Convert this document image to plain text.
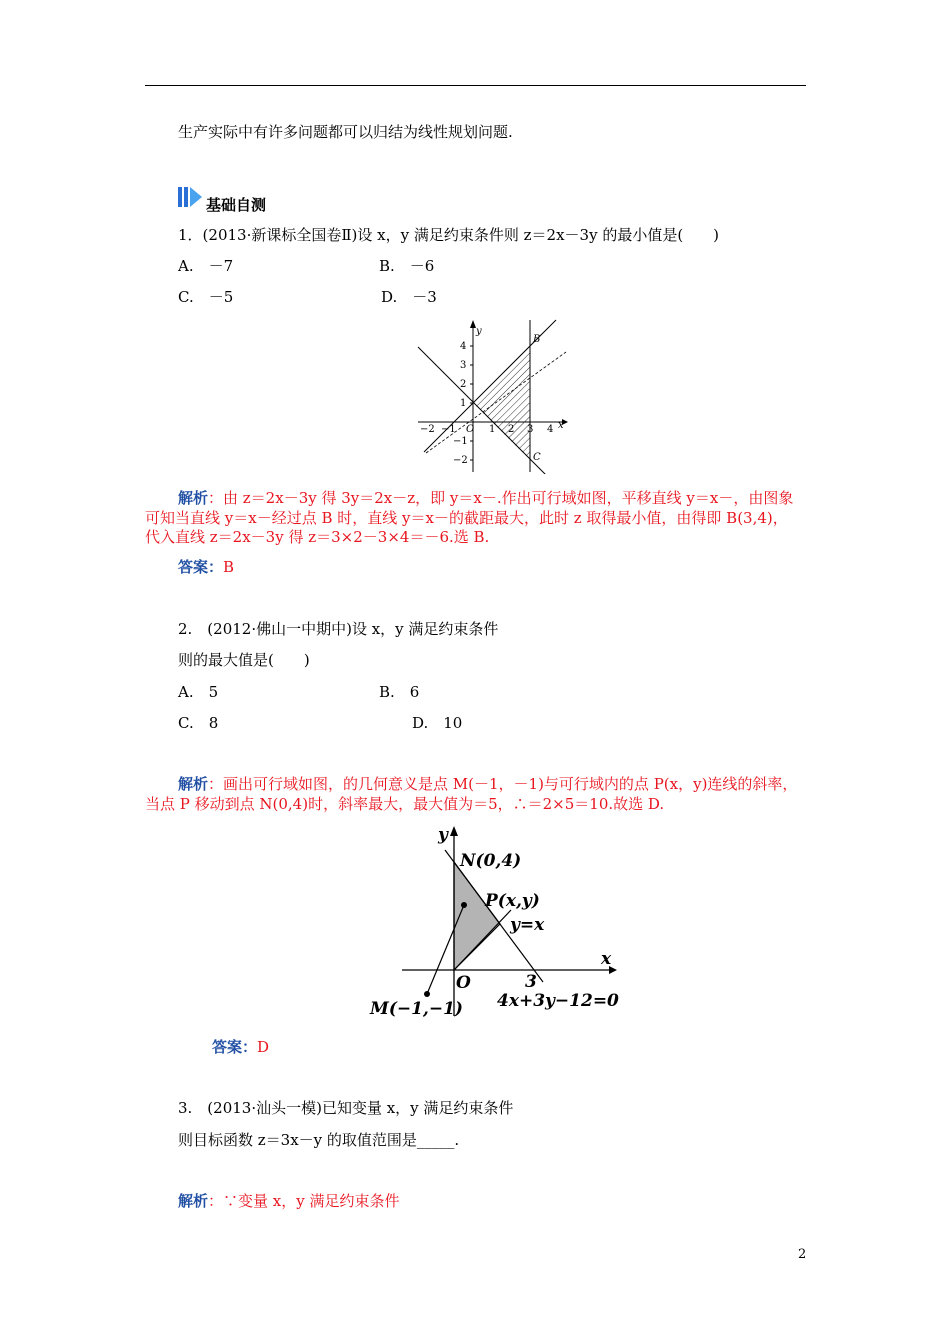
生产实际中有许多问题都可以归结为线性规划问题.
基础自测
1．(2013·新课标全国卷Ⅱ)设 x，y 满足约束条件则 z＝2x－3y 的最小值是(　　)
A.　－7	B.　－6
C.　－5	D.　－3
y
x
O
4
3
2
1
−1
−2
−2 −1	1 2 3 4
B
C
解析：由 z＝2x－3y 得 3y＝2x－z，即 y＝x－.作出可行域如图，平移直线 y＝x－，由图象
可知当直线 y＝x－经过点 B 时，直线 y＝x－的截距最大，此时 z 取得最小值，由得即 B(3,4)，
代入直线 z＝2x－3y 得 z＝3×2－3×4＝－6.选 B.
答案：B
2.　(2012·佛山一中期中)设 x，y 满足约束条件
则的最大值是(　　)
A.　5	B.　6
C.　8	D.　10
解析：画出可行域如图，的几何意义是点 M(－1，－1)与可行域内的点 P(x，y)连线的斜率，
当点 P 移动到点 N(0,4)时，斜率最大，最大值为＝5，∴＝2×5＝10.故选 D.
y
x
O
N(0,4)
P(x,y)
y=x
3
4x+3y−12=0
M(−1,−1)
答案：D
3.　(2013·汕头一模)已知变量 x，y 满足约束条件
则目标函数 z＝3x－y 的取值范围是_____.
解析：∵变量 x，y 满足约束条件
2
